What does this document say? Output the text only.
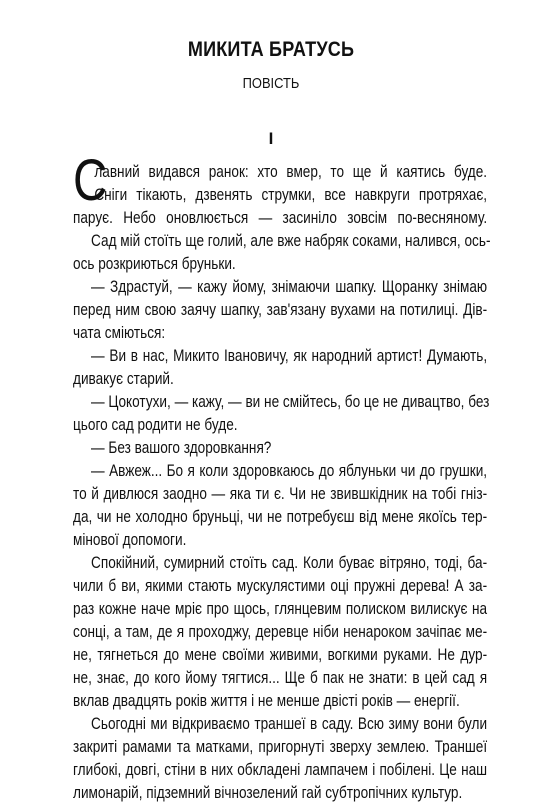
МИКИТА БРАТУСЬ
ПОВІСТЬ
І
С
лавний видався ранок: хто вмер, то ще й каятись буде.
Сніги тікають, дзвенять струмки, все навкруги протряхає,
парує. Небо оновлюється — засиніло зовсім по-весняному.
Сад мій стоїть ще голий, але вже набряк соками, налився, ось-
ось розкриються бруньки.
— Здрастуй, — кажу йому, знімаючи шапку. Щоранку знімаю
перед ним свою заячу шапку, зав'язану вухами на потилиці. Дів-
чата сміються:
— Ви в нас, Микито Івановичу, як народний артист! Думають,
дивакує старий.
— Цокотухи, — кажу, — ви не смійтесь, бо це не дивацтво, без
цього сад родити не буде.
— Без вашого здоровкання?
— Авжеж... Бо я коли здоровкаюсь до яблуньки чи до грушки,
то й дивлюся заодно — яка ти є. Чи не звившкідник на тобі гніз-
да, чи не холодно бруньці, чи не потребуєш від мене якоїсь тер-
мінової допомоги.
Спокійний, сумирний стоїть сад. Коли буває вітряно, тоді, ба-
чили б ви, якими стають мускулястими оці пружні дерева! А за-
раз кожне наче мріє про щось, глянцевим полиском вилискує на
сонці, а там, де я проходжу, деревце ніби ненароком зачіпає ме-
не, тягнеться до мене своїми живими, вогкими руками. Не дур-
не, знає, до кого йому тягтися... Ще б пак не знати: в цей сад я
вклав двадцять років життя і не менше двісті років — енергії.
Сьогодні ми відкриваємо траншеї в саду. Всю зиму вони були
закриті рамами та матками, пригорнуті зверху землею. Траншеї
глибокі, довгі, стіни в них обкладені лампачем і побілені. Це наш
лимонарій, підземний вічнозелений гай субтропічних культур.
